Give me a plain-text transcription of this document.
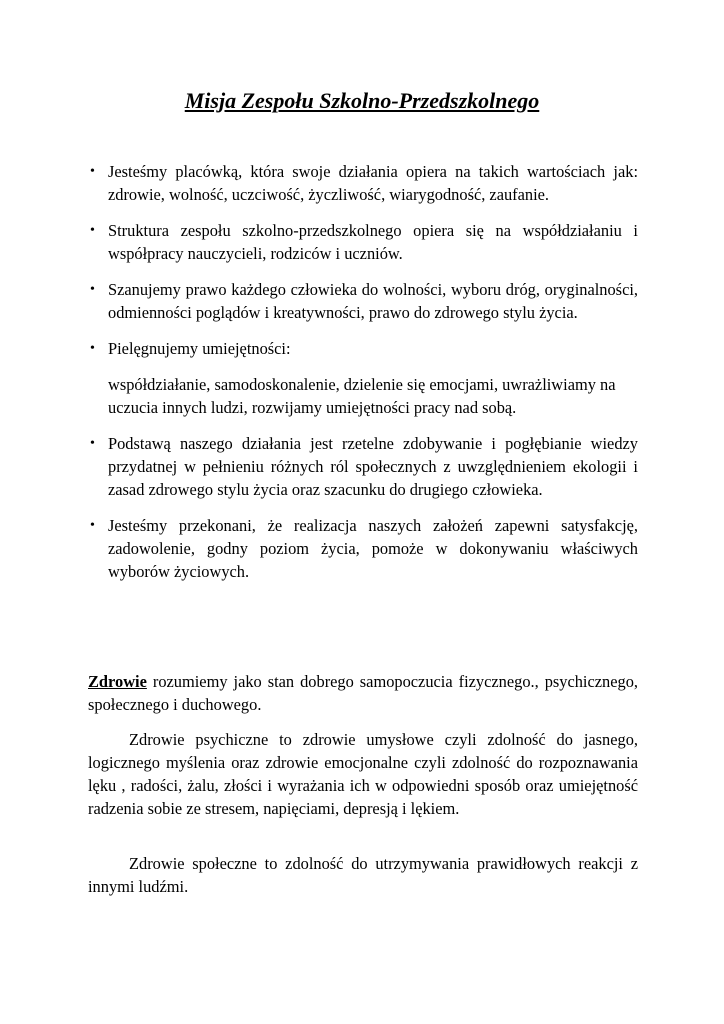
Misja Zespołu Szkolno-Przedszkolnego
• Jesteśmy placówką, która swoje działania opiera na takich wartościach jak: zdrowie, wolność, uczciwość, życzliwość, wiarygodność, zaufanie.
• Struktura zespołu szkolno-przedszkolnego opiera się na współdziałaniu i współpracy nauczycieli, rodziców i uczniów.
• Szanujemy prawo każdego człowieka do wolności, wyboru dróg, oryginalności, odmienności poglądów i kreatywności, prawo do zdrowego stylu życia.
• Pielęgnujemy umiejętności:
współdziałanie, samodoskonalenie, dzielenie się emocjami, uwrażliwiamy na uczucia innych ludzi, rozwijamy umiejętności pracy nad sobą.
• Podstawą naszego działania jest rzetelne zdobywanie i pogłębianie wiedzy przydatnej w pełnieniu różnych ról społecznych z uwzględnieniem ekologii i zasad zdrowego stylu życia oraz szacunku do drugiego człowieka.
• Jesteśmy przekonani, że realizacja naszych założeń zapewni satysfakcję, zadowolenie, godny poziom życia, pomoże w dokonywaniu właściwych wyborów życiowych.

Zdrowie rozumiemy jako stan dobrego samopoczucia fizycznego., psychicznego, społecznego i duchowego.

Zdrowie psychiczne to zdrowie umysłowe czyli zdolność do jasnego, logicznego myślenia oraz zdrowie emocjonalne czyli zdolność do rozpoznawania lęku , radości, żalu, złości i wyrażania ich w odpowiedni sposób oraz umiejętność radzenia sobie ze stresem, napięciami, depresją i lękiem.

Zdrowie społeczne to zdolność do utrzymywania prawidłowych reakcji z innymi ludźmi.
